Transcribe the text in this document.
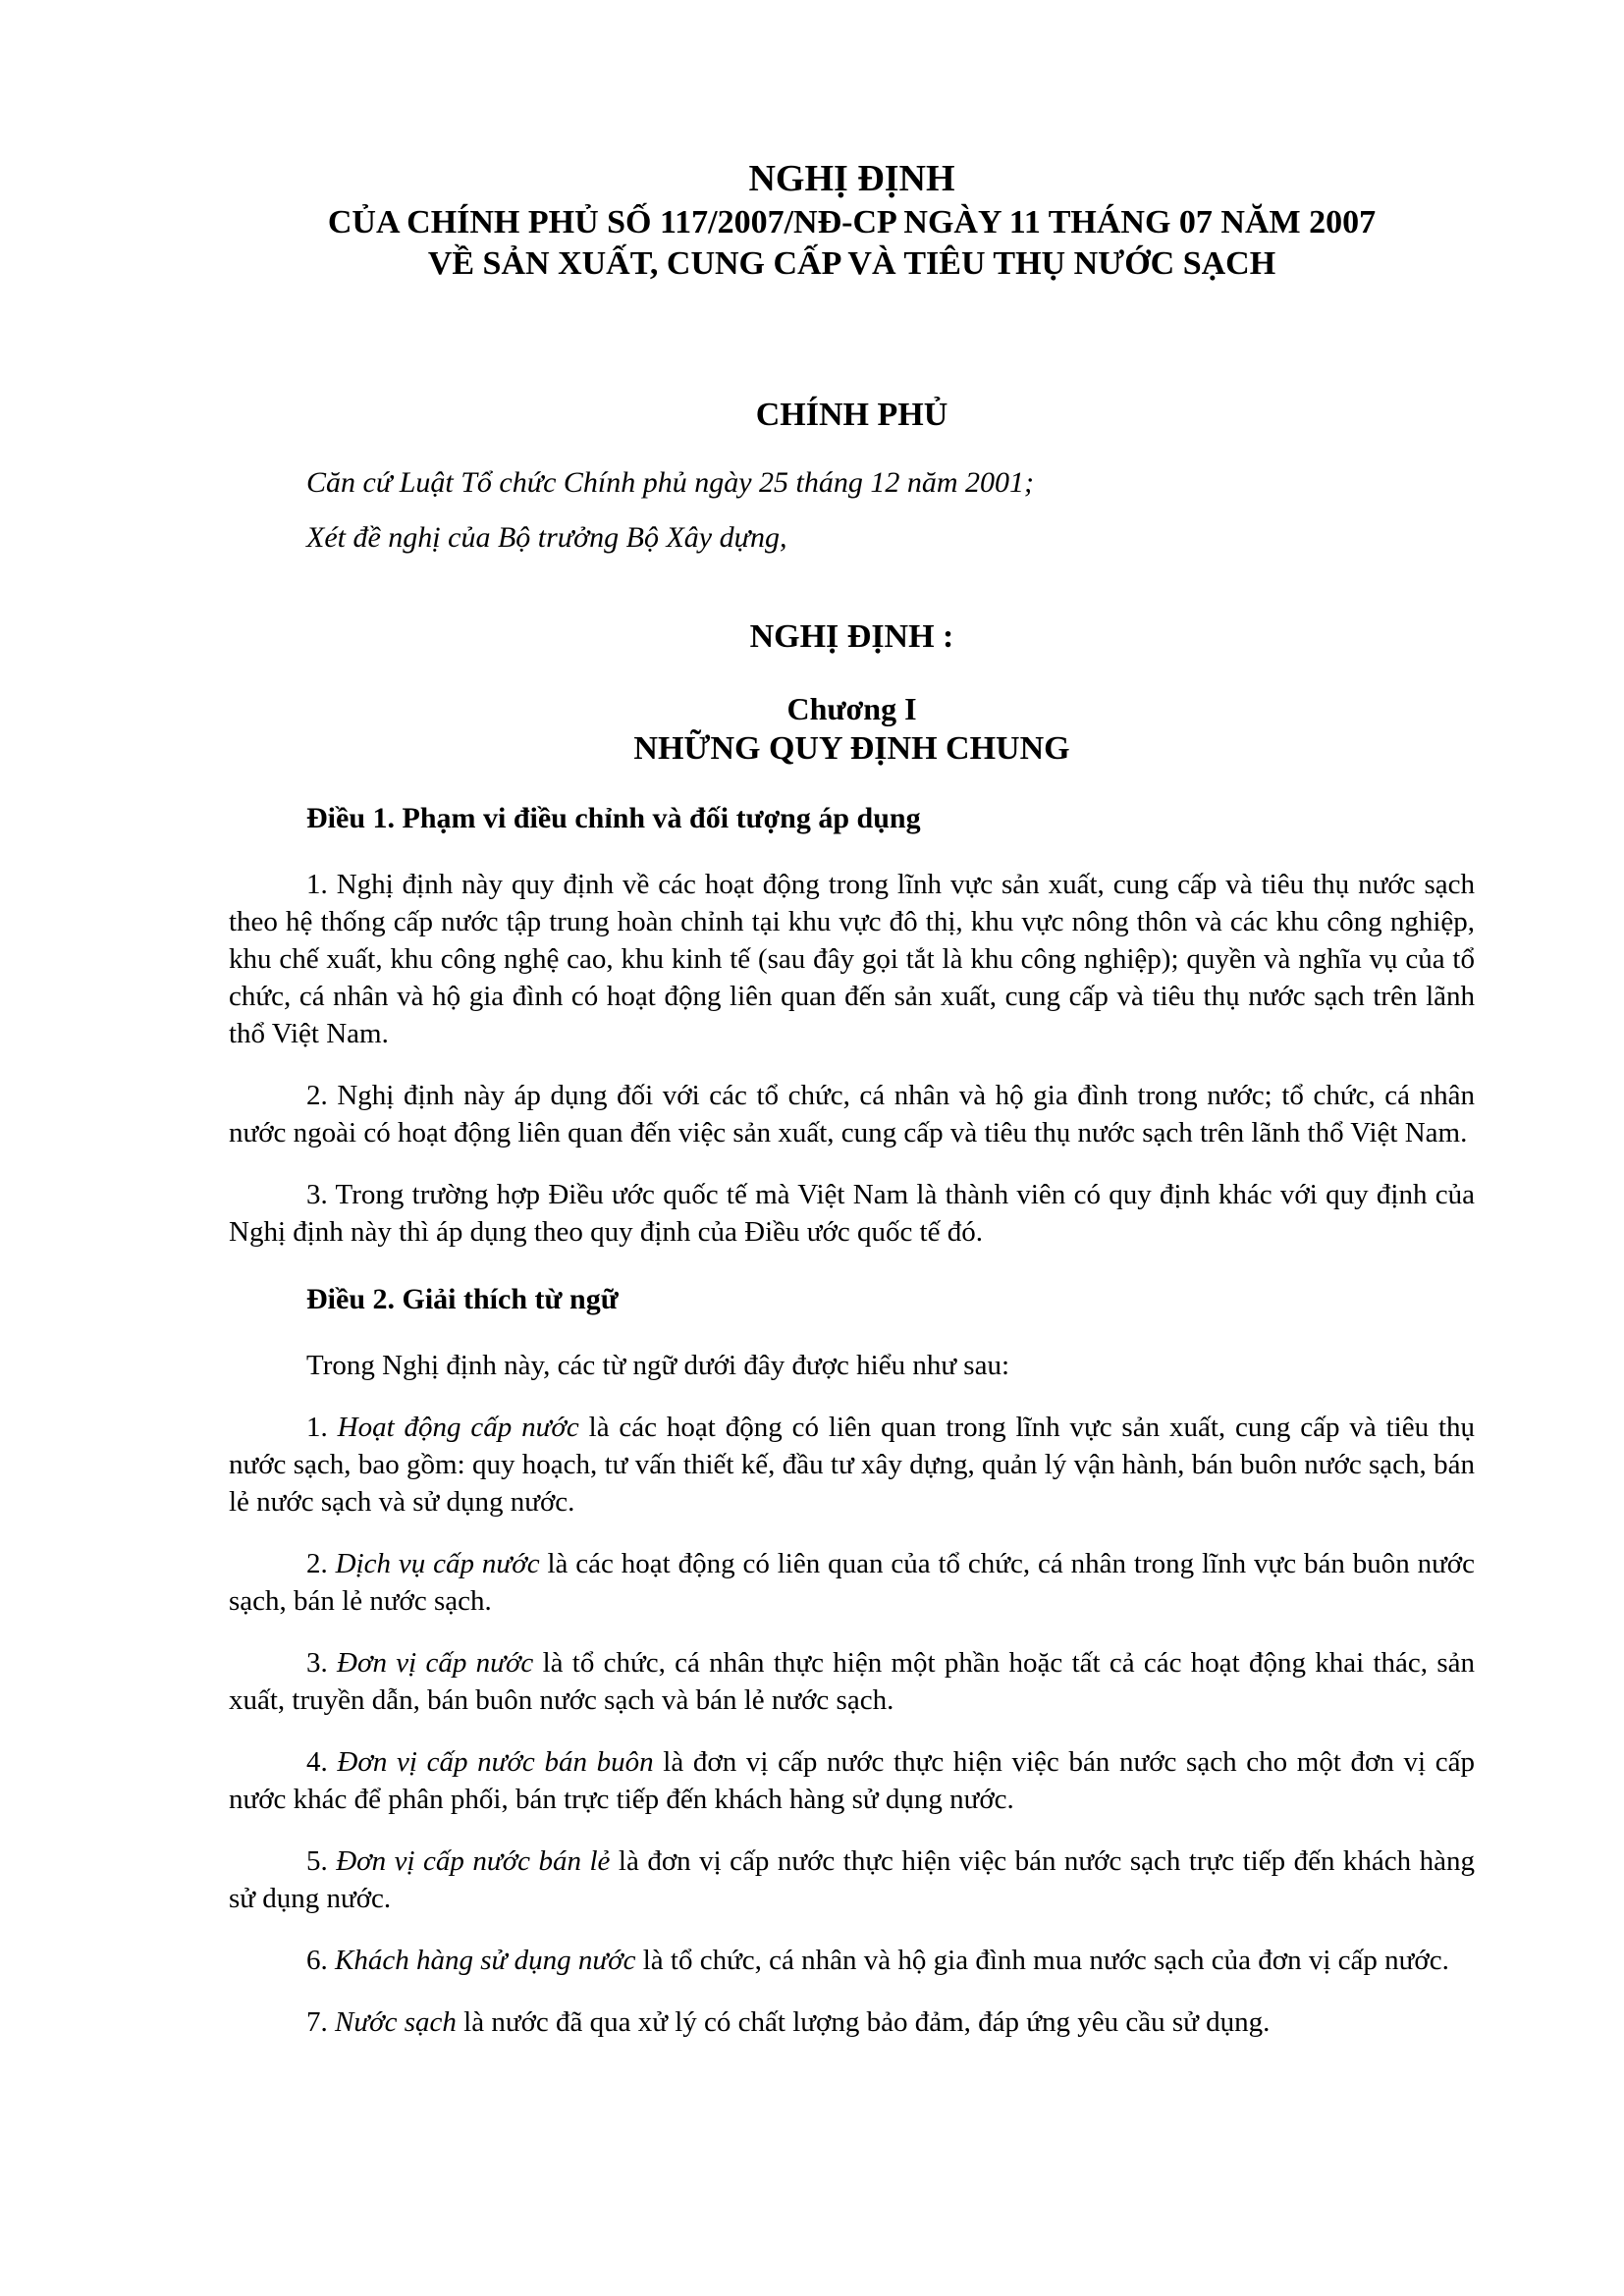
NGHỊ ĐỊNH
CỦA CHÍNH PHỦ SỐ 117/2007/NĐ-CP NGÀY 11 THÁNG 07 NĂM 2007
VỀ SẢN XUẤT, CUNG CẤP VÀ TIÊU THỤ NƯỚC SẠCH
CHÍNH PHỦ

Căn cứ Luật Tổ chức Chính phủ ngày 25 tháng 12 năm 2001;

Xét đề nghị của Bộ trưởng Bộ Xây dựng,

NGHỊ ĐỊNH :
Chương I
NHỮNG QUY ĐỊNH CHUNG
Điều 1. Phạm vi điều chỉnh và đối tượng áp dụng

1. Nghị định này quy định về các hoạt động trong lĩnh vực sản xuất, cung cấp và tiêu thụ nước sạch theo hệ thống cấp nước tập trung hoàn chỉnh tại khu vực đô thị, khu vực nông thôn và các khu công nghiệp, khu chế xuất, khu công nghệ cao, khu kinh tế (sau đây gọi tắt là khu công nghiệp); quyền và nghĩa vụ của tổ chức, cá nhân và hộ gia đình có hoạt động liên quan đến sản xuất, cung cấp và tiêu thụ nước sạch trên lãnh thổ Việt Nam.

2. Nghị định này áp dụng đối với các tổ chức, cá nhân và hộ gia đình trong nước; tổ chức, cá nhân nước ngoài có hoạt động liên quan đến việc sản xuất, cung cấp và tiêu thụ nước sạch trên lãnh thổ Việt Nam.

3. Trong trường hợp Điều ước quốc tế mà Việt Nam là thành viên có quy định khác với quy định của Nghị định này thì áp dụng theo quy định của Điều ước quốc tế đó.

Điều 2. Giải thích từ ngữ

Trong Nghị định này, các từ ngữ dưới đây được hiểu như sau:

1. Hoạt động cấp nước là các hoạt động có liên quan trong lĩnh vực sản xuất, cung cấp và tiêu thụ nước sạch, bao gồm: quy hoạch, tư vấn thiết kế, đầu tư xây dựng, quản lý vận hành, bán buôn nước sạch, bán lẻ nước sạch và sử dụng nước.

2. Dịch vụ cấp nước là các hoạt động có liên quan của tổ chức, cá nhân trong lĩnh vực bán buôn nước sạch, bán lẻ nước sạch.

3. Đơn vị cấp nước là tổ chức, cá nhân thực hiện một phần hoặc tất cả các hoạt động khai thác, sản xuất, truyền dẫn, bán buôn nước sạch và bán lẻ nước sạch.

4. Đơn vị cấp nước bán buôn là đơn vị cấp nước thực hiện việc bán nước sạch cho một đơn vị cấp nước khác để phân phối, bán trực tiếp đến khách hàng sử dụng nước.

5. Đơn vị cấp nước bán lẻ là đơn vị cấp nước thực hiện việc bán nước sạch trực tiếp đến khách hàng sử dụng nước.

6. Khách hàng sử dụng nước là tổ chức, cá nhân và hộ gia đình mua nước sạch của đơn vị cấp nước.

7. Nước sạch là nước đã qua xử lý có chất lượng bảo đảm, đáp ứng yêu cầu sử dụng.
